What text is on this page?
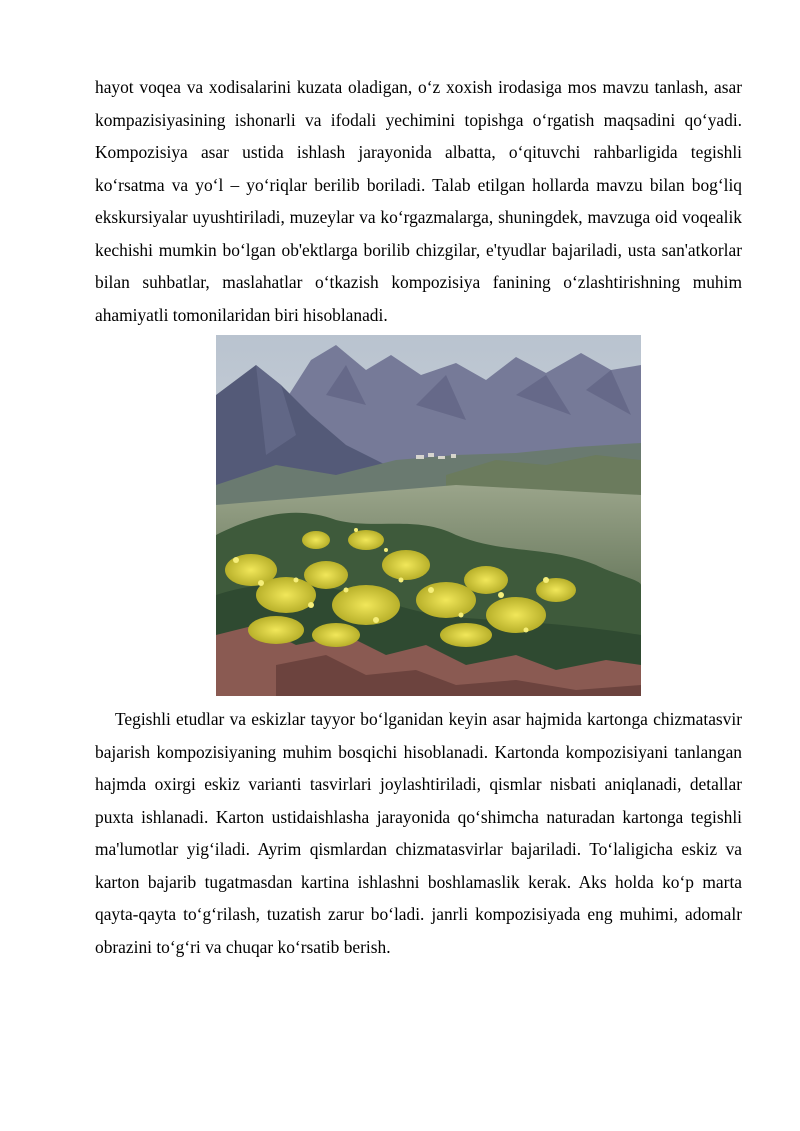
hayot voqea va xodisalarini kuzata oladigan, o‘z xoxish irodasiga mos mavzu tanlash, asar kompazisiyasining ishonarli va ifodali yechimini topishga o‘rgatish maqsadini qo‘yadi. Kompozisiya asar ustida ishlash jarayonida albatta, o‘qituvchi rahbarligida tegishli ko‘rsatma va yo‘l – yo‘riqlar berilib boriladi. Talab etilgan hollarda mavzu bilan bog‘liq ekskursiyalar uyushtiriladi, muzeylar va ko‘rgazmalarga, shuningdek, mavzuga oid voqealik kechishi mumkin bo‘lgan ob'ektlarga borilib chizgilar, e'tyudlar bajariladi, usta san'atkorlar bilan suhbatlar, maslahatlar o‘tkazish kompozisiya fanining o‘zlashtirishning muhim ahamiyatli tomonilaridan biri hisoblanadi.

Tegishli etudlar va eskizlar tayyor bo‘lganidan keyin asar hajmida kartonga chizmatasvir bajarish kompozisiyaning muhim bosqichi hisoblanadi. Kartonda kompozisiyani tanlangan hajmda oxirgi eskiz varianti tasvirlari joylashtiriladi, qismlar nisbati aniqlanadi, detallar puxta ishlanadi. Karton ustidaishlasha jarayonida qo‘shimcha naturadan kartonga tegishli ma'lumotlar yig‘iladi. Ayrim qismlardan chizmatasvirlar bajariladi. To‘laligicha eskiz va karton bajarib tugatmasdan kartina ishlashni boshlamaslik kerak. Aks holda ko‘p marta qayta-qayta to‘g‘rilash, tuzatish zarur bo‘ladi. janrli kompozisiyada eng muhimi, adomalr obrazini to‘g‘ri va chuqar ko‘rsatib berish.
